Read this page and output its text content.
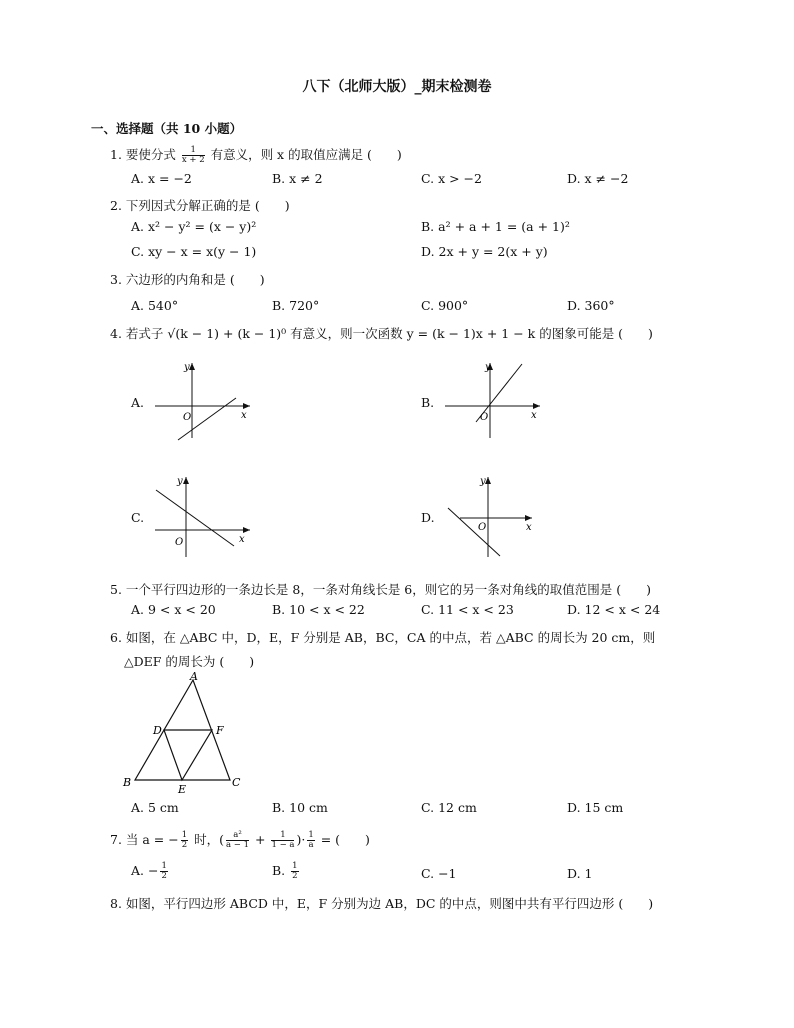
八下（北师大版）_期末检测卷
一、选择题（共 10 小题）
1. 要使分式 $\frac{1}{x + 2}$ 有意义，则 x 的取值应满足 (　　)
A. x = −2	B. x ≠ 2	C. x > −2	D. x ≠ −2
2. 下列因式分解正确的是 (　　)
A. x² − y² = (x − y)²	B. a² + a + 1 = (a + 1)²
C. xy − x = x(y − 1)	D. 2x + y = 2(x + y)
3. 六边形的内角和是 (　　)
A. 540°	B. 720°	C. 900°	D. 360°
4. 若式子 √(k − 1) + (k − 1)⁰ 有意义，则一次函数 y = (k − 1)x + 1 − k 的图象可能是 (　　)
A.
O	x
y
B.
O	x
y
C.
O	x
y
D.
O	x
y
5. 一个平行四边形的一条边长是 8，一条对角线长是 6，则它的另一条对角线的取值范围是 (　　)
A. 9 < x < 20	B. 10 < x < 22	C. 11 < x < 23	D. 12 < x < 24
6. 如图，在 △ABC 中，D，E，F 分别是 AB，BC，CA 的中点，若 △ABC 的周长为 20 cm，则
△DEF 的周长为 (　　)
A
B	C
D
E
F
A. 5 cm	B. 10 cm	C. 12 cm	D. 15 cm
7. 当 a = − $\frac{1}{2}$ 时，( $\frac{\text{a²}}{a - 1} + \frac{1}{1 - a}$ )· $\frac{1}{a}$ = (　　)
A. − $\frac{1}{2}$	B. $\frac{1}{2}$	C. −1	D. 1
8. 如图，平行四边形 ABCD 中，E，F 分别为边 AB，DC 的中点，则图中共有平行四边形 (　　)
